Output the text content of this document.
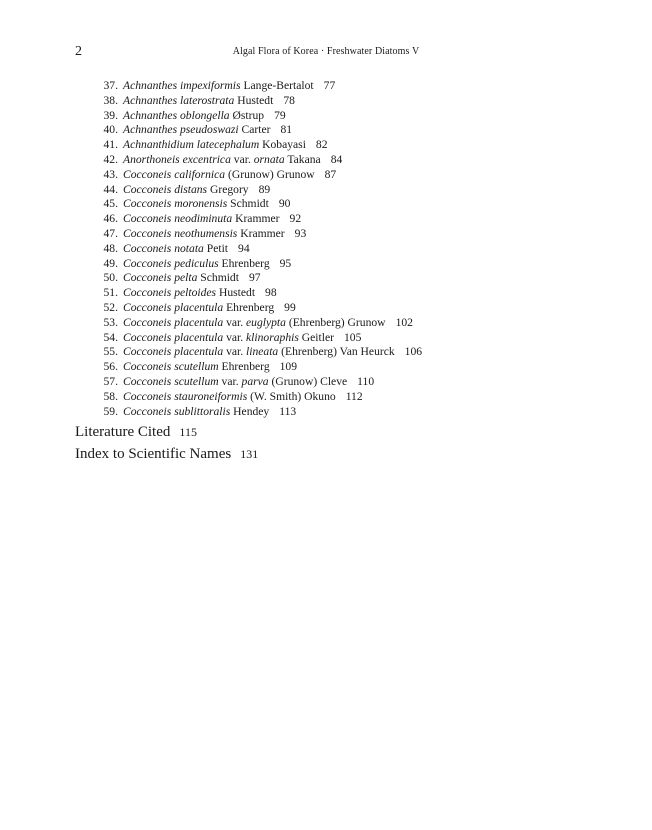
2	Algal Flora of Korea · Freshwater Diatoms V
37. Achnanthes impexiformis Lange-Bertalot 77
38. Achnanthes laterostrata Hustedt 78
39. Achnanthes oblongella Østrup 79
40. Achnanthes pseudoswazi Carter 81
41. Achnanthidium latecephalum Kobayasi 82
42. Anorthoneis excentrica var. ornata Takana 84
43. Cocconeis californica (Grunow) Grunow 87
44. Cocconeis distans Gregory 89
45. Cocconeis moronensis Schmidt 90
46. Cocconeis neodiminuta Krammer 92
47. Cocconeis neothumensis Krammer 93
48. Cocconeis notata Petit 94
49. Cocconeis pediculus Ehrenberg 95
50. Cocconeis pelta Schmidt 97
51. Cocconeis peltoides Hustedt 98
52. Cocconeis placentula Ehrenberg 99
53. Cocconeis placentula var. euglypta (Ehrenberg) Grunow 102
54. Cocconeis placentula var. klinoraphis Geitler 105
55. Cocconeis placentula var. lineata (Ehrenberg) Van Heurck 106
56. Cocconeis scutellum Ehrenberg 109
57. Cocconeis scutellum var. parva (Grunow) Cleve 110
58. Cocconeis stauroneiformis (W. Smith) Okuno 112
59. Cocconeis sublittoralis Hendey 113
Literature Cited 115
Index to Scientific Names 131
